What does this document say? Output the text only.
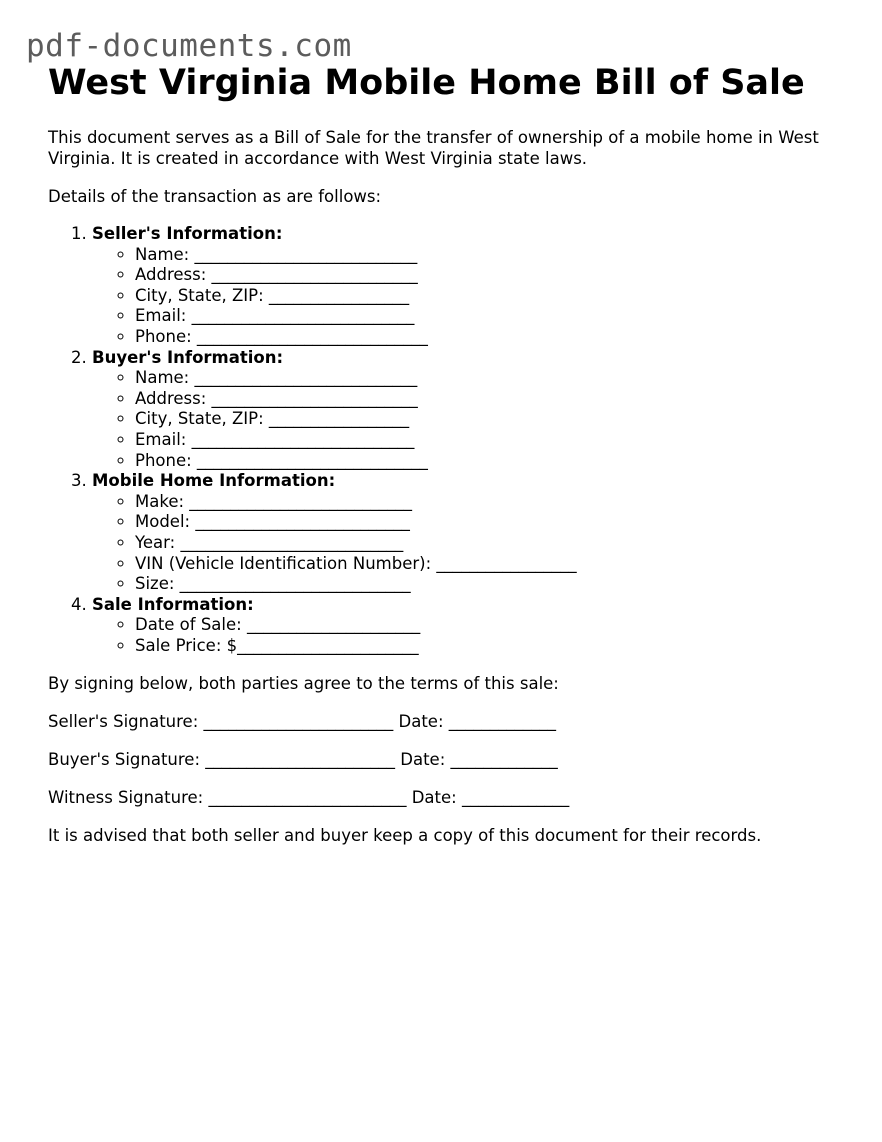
pdf-documents.com
West Virginia Mobile Home Bill of Sale

This document serves as a Bill of Sale for the transfer of ownership of a mobile home in West Virginia. It is created in accordance with West Virginia state laws.

Details of the transaction as are follows:

1. Seller's Information:
◦ Name: ___________________________
◦ Address: _________________________
◦ City, State, ZIP: _________________
◦ Email: ___________________________
◦ Phone: ____________________________
2. Buyer's Information:
◦ Name: ___________________________
◦ Address: _________________________
◦ City, State, ZIP: _________________
◦ Email: ___________________________
◦ Phone: ____________________________
3. Mobile Home Information:
◦ Make: ___________________________
◦ Model: __________________________
◦ Year: ___________________________
◦ VIN (Vehicle Identification Number): _________________
◦ Size: ____________________________
4. Sale Information:
◦ Date of Sale: _____________________
◦ Sale Price: $______________________

By signing below, both parties agree to the terms of this sale:

Seller's Signature: _______________________ Date: _____________

Buyer's Signature: _______________________ Date: _____________

Witness Signature: ________________________ Date: _____________

It is advised that both seller and buyer keep a copy of this document for their records.
